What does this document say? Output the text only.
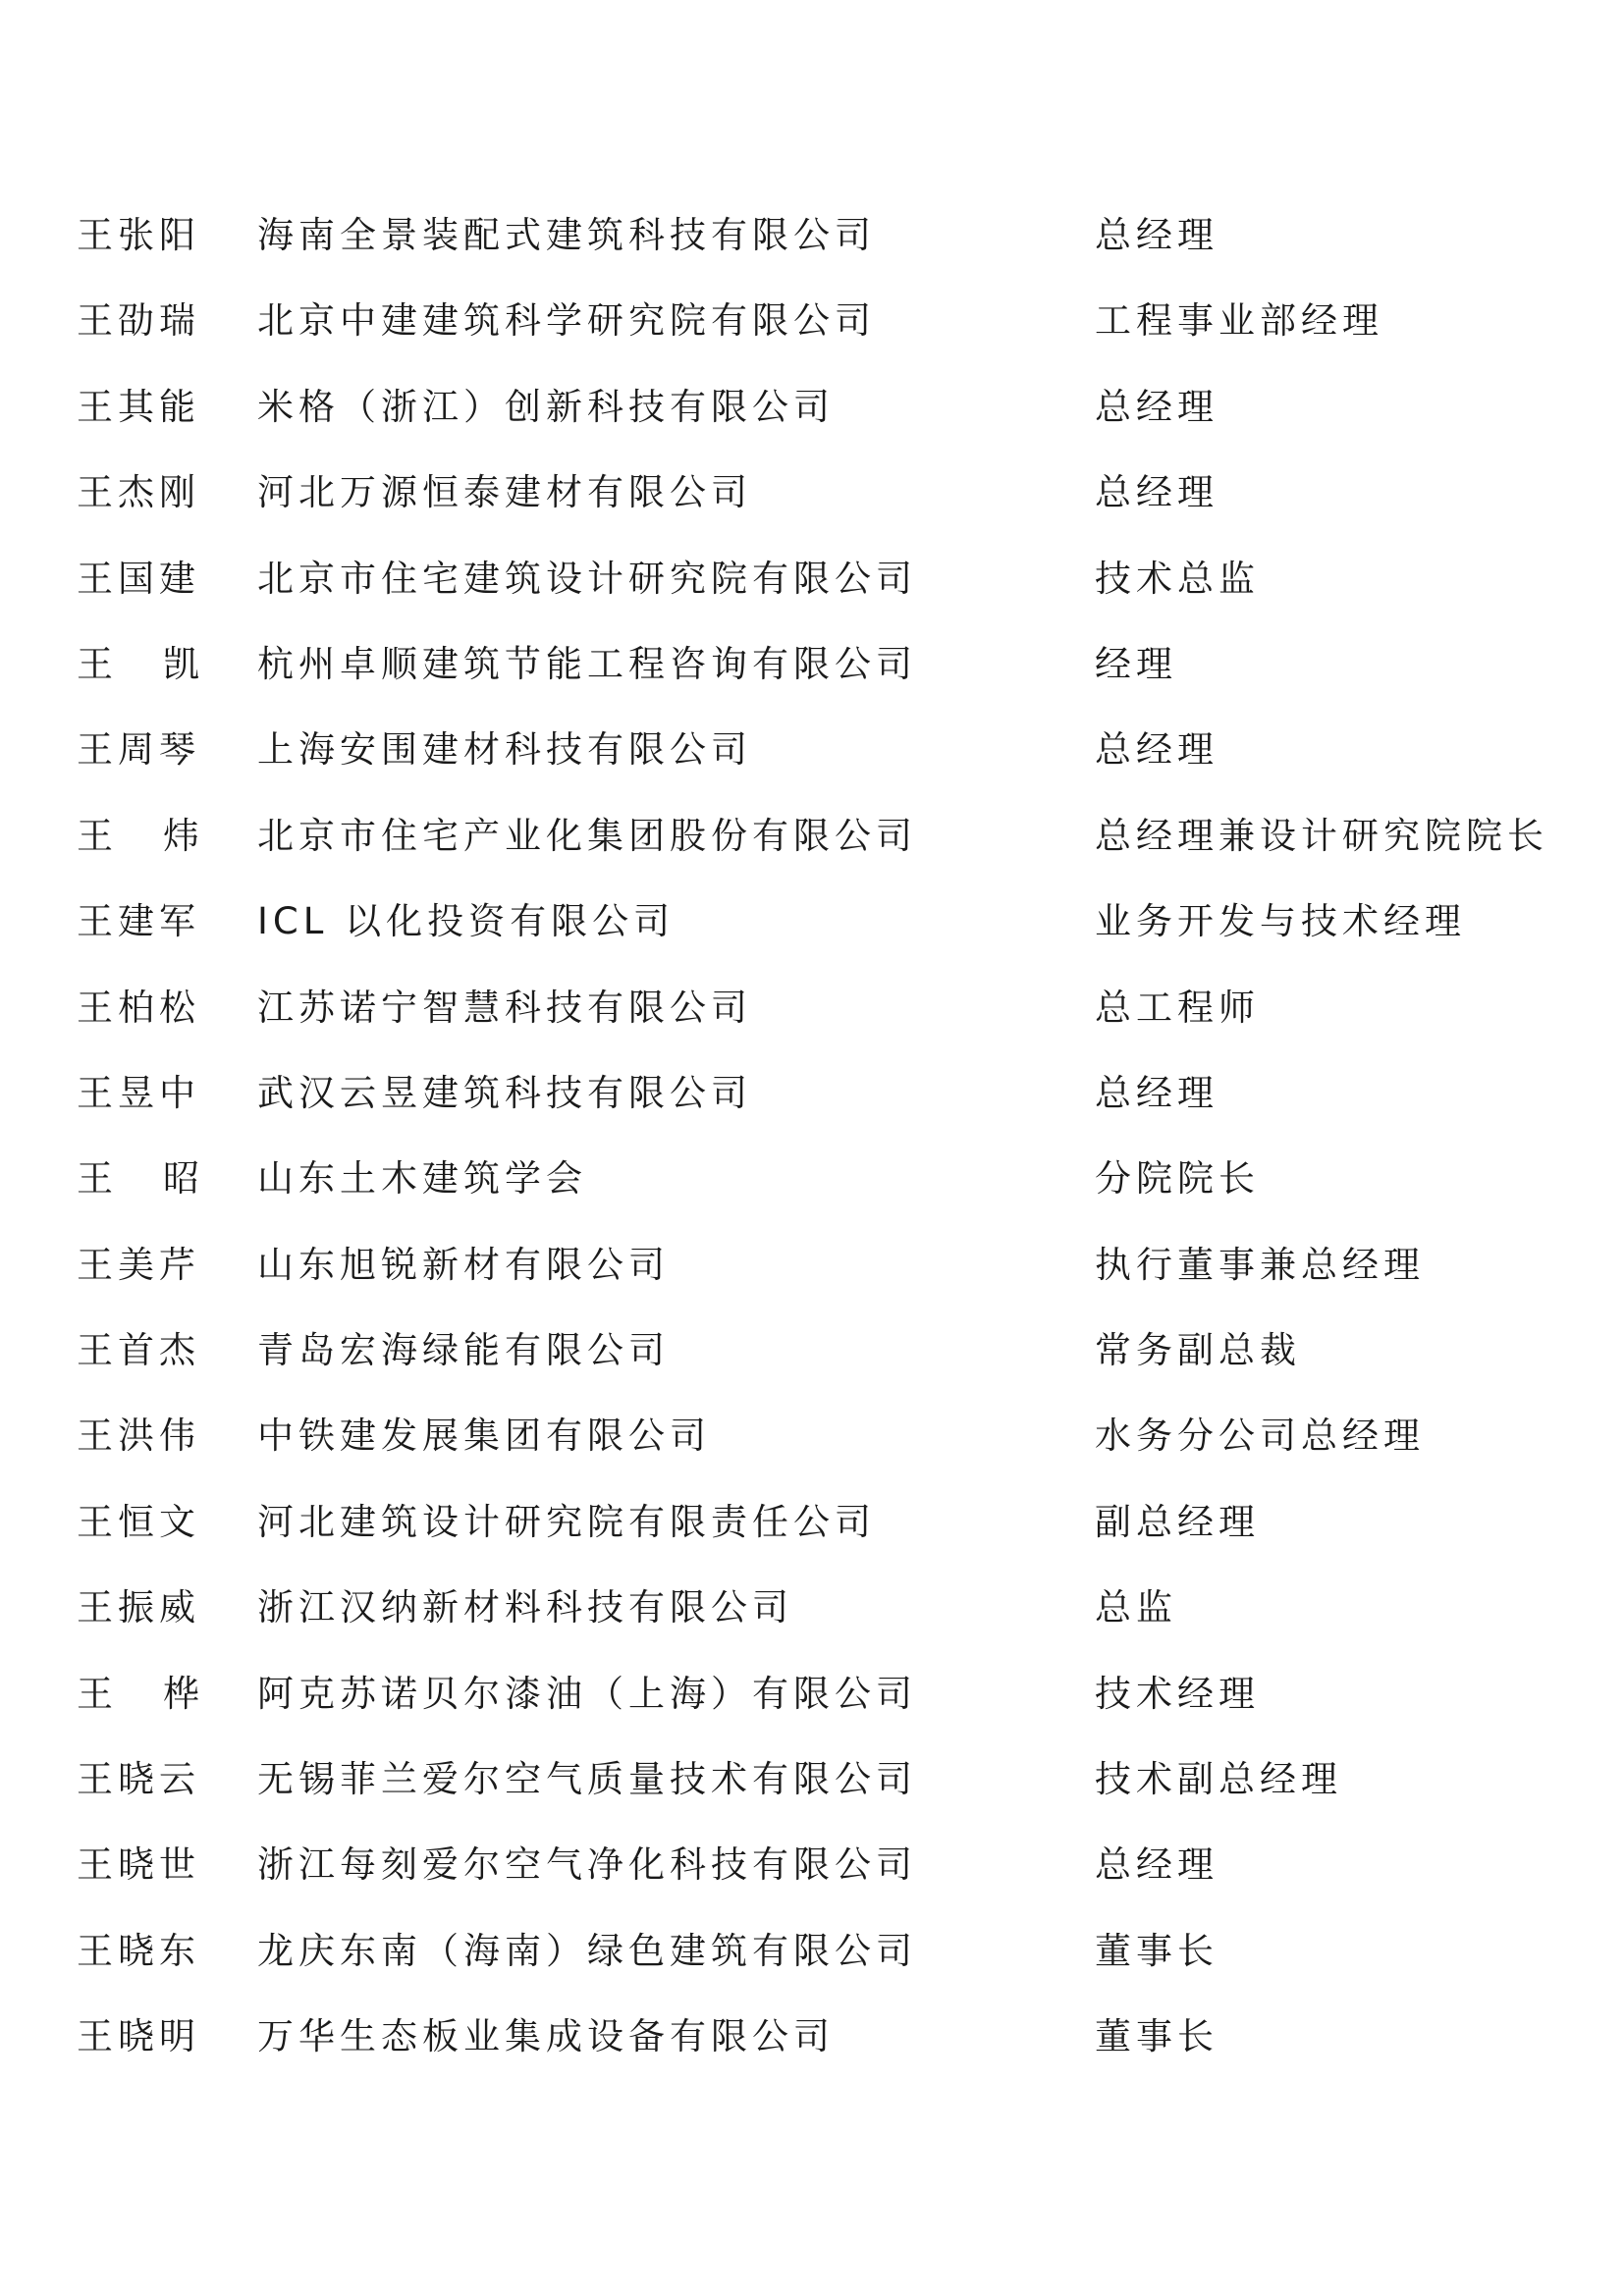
王张阳 海南全景装配式建筑科技有限公司	总经理
王劭瑞 北京中建建筑科学研究院有限公司	工程事业部经理
王其能 米格（浙江）创新科技有限公司	总经理
王杰刚 河北万源恒泰建材有限公司	总经理
王国建 北京市住宅建筑设计研究院有限公司	技术总监
王 凯 杭州卓顺建筑节能工程咨询有限公司	经理
王周琴 上海安围建材科技有限公司	总经理
王 炜 北京市住宅产业化集团股份有限公司	总经理兼设计研究院院长
王建军 ICL 以化投资有限公司	业务开发与技术经理
王柏松 江苏诺宁智慧科技有限公司	总工程师
王昱中 武汉云昱建筑科技有限公司	总经理
王 昭 山东土木建筑学会	分院院长
王美芹 山东旭锐新材有限公司	执行董事兼总经理
王首杰 青岛宏海绿能有限公司	常务副总裁
王洪伟 中铁建发展集团有限公司	水务分公司总经理
王恒文 河北建筑设计研究院有限责任公司	副总经理
王振威 浙江汉纳新材料科技有限公司	总监
王 桦 阿克苏诺贝尔漆油（上海）有限公司	技术经理
王晓云 无锡菲兰爱尔空气质量技术有限公司	技术副总经理
王晓世 浙江每刻爱尔空气净化科技有限公司	总经理
王晓东 龙庆东南（海南）绿色建筑有限公司	董事长
王晓明 万华生态板业集成设备有限公司	董事长
